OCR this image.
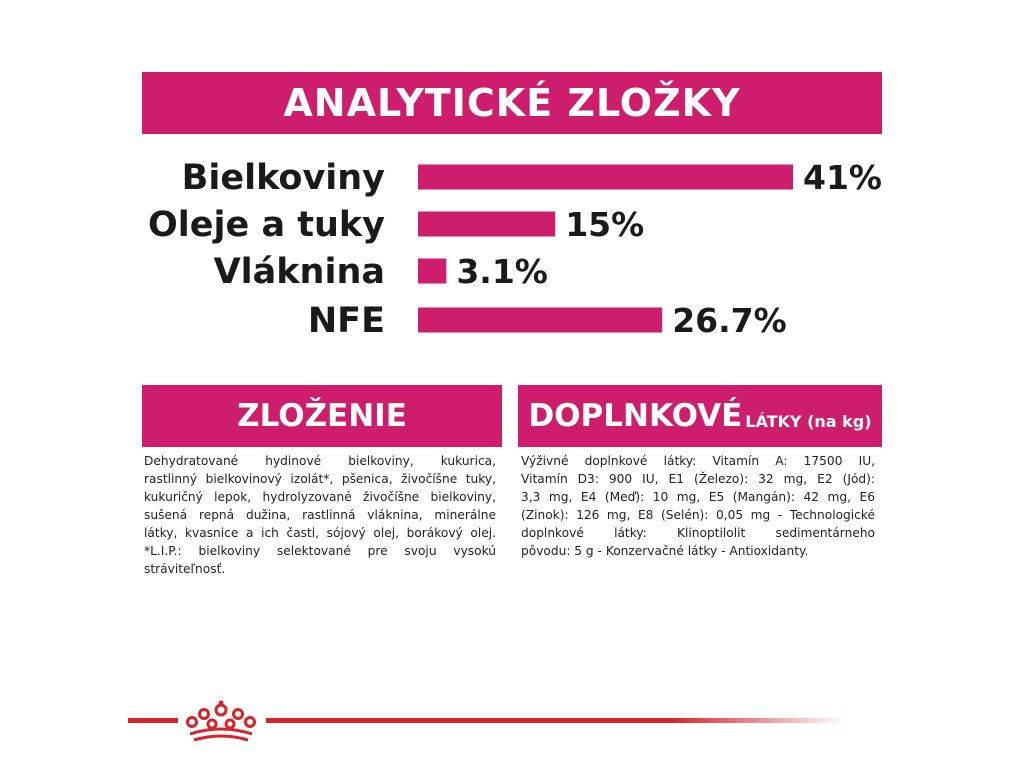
ANALYTICKÉ ZLOŽKY
Bielkoviny	41%
Oleje a tuky	15%
Vláknina 3.1%
NFE	26.7%
ZLOŽENIE
Dehydratované hydinové bielkoviny, kukurica,
rastlinný bielkovinový izolát*, pšenica, živočíšne tuky,
kukuričný lepok, hydrolyzované živočíšne bielkoviny,
sušená repná dužina, rastlinná vláknina, minerálne
látky, kvasnice a ich časti, sójový olej, borákový olej.
*L.I.P.: bielkoviny selektované pre svoju vysokú
stráviteľnosť.
DOPLNKOVÉ LÁTKY (na kg)
Výživné doplnkové látky: Vitamín A: 17500 IU,
Vitamín D3: 900 IU, E1 (Železo): 32 mg, E2 (Jód):
3,3 mg, E4 (Meď): 10 mg, E5 (Mangán): 42 mg, E6
(Zinok): 126 mg, E8 (Selén): 0,05 mg - Technologické
doplnkové látky: Klinoptilolit sedimentárneho
pôvodu: 5 g - Konzervačné látky - Antioxidanty.
